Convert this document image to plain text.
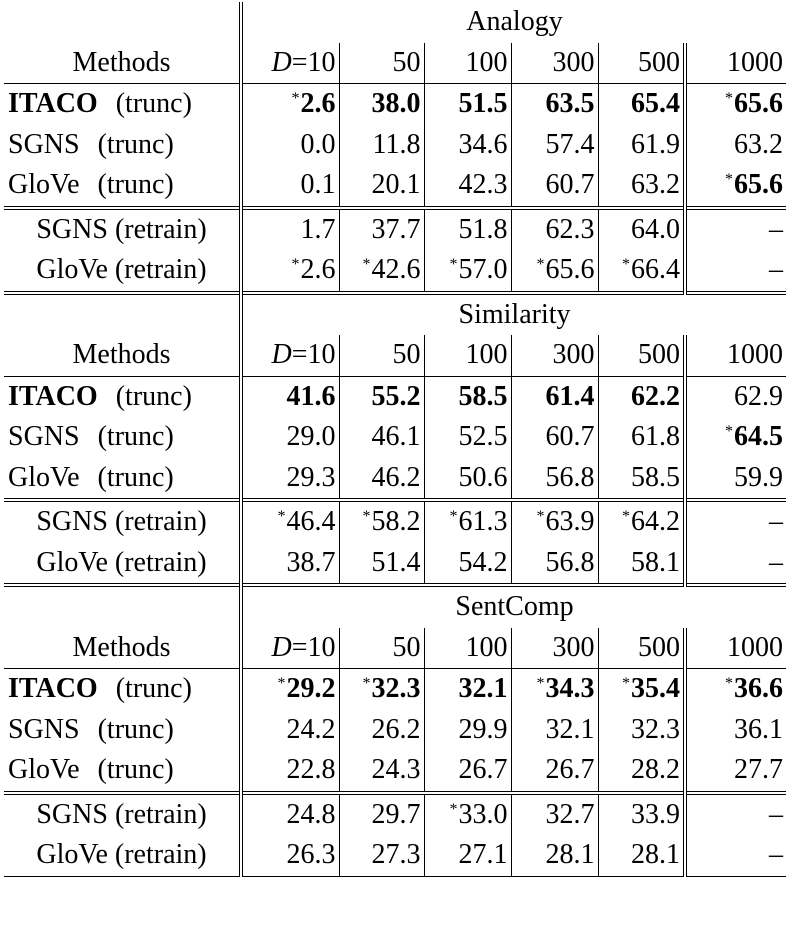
	Analogy					
Methods	D=10	50	100	300	500	1000
ITACO (trunc)	*2.6	38.0	51.5	63.5	65.4	*65.6
SGNS (trunc)	0.0	11.8	34.6	57.4	61.9	63.2
GloVe (trunc)	0.1	20.1	42.3	60.7	63.2	*65.6
SGNS (retrain)	1.7	37.7	51.8	62.3	64.0	–
GloVe (retrain)	*2.6	*42.6	*57.0	*65.6	*66.4	–
	Similarity					
Methods	D=10	50	100	300	500	1000
ITACO (trunc)	41.6	55.2	58.5	61.4	62.2	62.9
SGNS (trunc)	29.0	46.1	52.5	60.7	61.8	*64.5
GloVe (trunc)	29.3	46.2	50.6	56.8	58.5	59.9
SGNS (retrain)	*46.4	*58.2	*61.3	*63.9	*64.2	–
GloVe (retrain)	38.7	51.4	54.2	56.8	58.1	–
	SentComp					
Methods	D=10	50	100	300	500	1000
ITACO (trunc)	*29.2	*32.3	32.1	*34.3	*35.4	*36.6
SGNS (trunc)	24.2	26.2	29.9	32.1	32.3	36.1
GloVe (trunc)	22.8	24.3	26.7	26.7	28.2	27.7
SGNS (retrain)	24.8	29.7	*33.0	32.7	33.9	–
GloVe (retrain)	26.3	27.3	27.1	28.1	28.1	–
